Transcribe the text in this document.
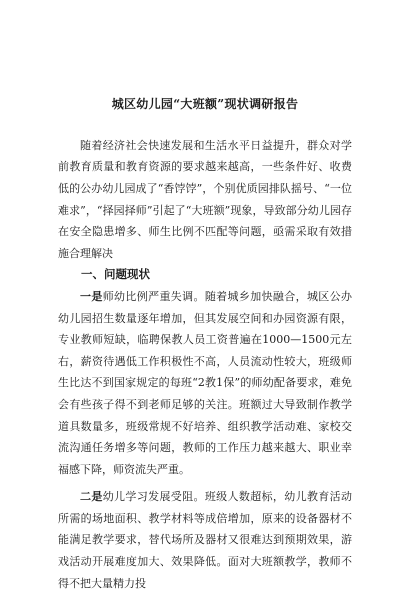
城区幼儿园“大班额”现状调研报告

随着经济社会快速发展和生活水平日益提升，群众对学前教育质量和教育资源的要求越来越高，一些条件好、收费低的公办幼儿园成了“香饽饽”，个别优质园排队摇号、“一位难求”，“择园择师”引起了“大班额”现象，导致部分幼儿园存在安全隐患增多、师生比例不匹配等问题，亟需采取有效措施合理解决

一、问题现状

一是师幼比例严重失调。随着城乡加快融合，城区公办幼儿园招生数量逐年增加，但其发展空间和办园资源有限，专业教师短缺，临聘保教人员工资普遍在1000—1500元左右，薪资待遇低工作积极性不高，人员流动性较大，班级师生比达不到国家规定的每班“2教1保”的师幼配备要求，难免会有些孩子得不到老师足够的关注。班额过大导致制作教学道具数量多，班级常规不好培养、组织教学活动难、家校交流沟通任务增多等问题，教师的工作压力越来越大、职业幸福感下降，师资流失严重。

二是幼儿学习发展受阻。班级人数超标，幼儿教育活动所需的场地面积、教学材料等成倍增加，原来的设备器材不能满足教学要求，替代场所及器材又很难达到预期效果，游戏活动开展难度加大、效果降低。面对大班额教学，教师不得不把大量精力投
